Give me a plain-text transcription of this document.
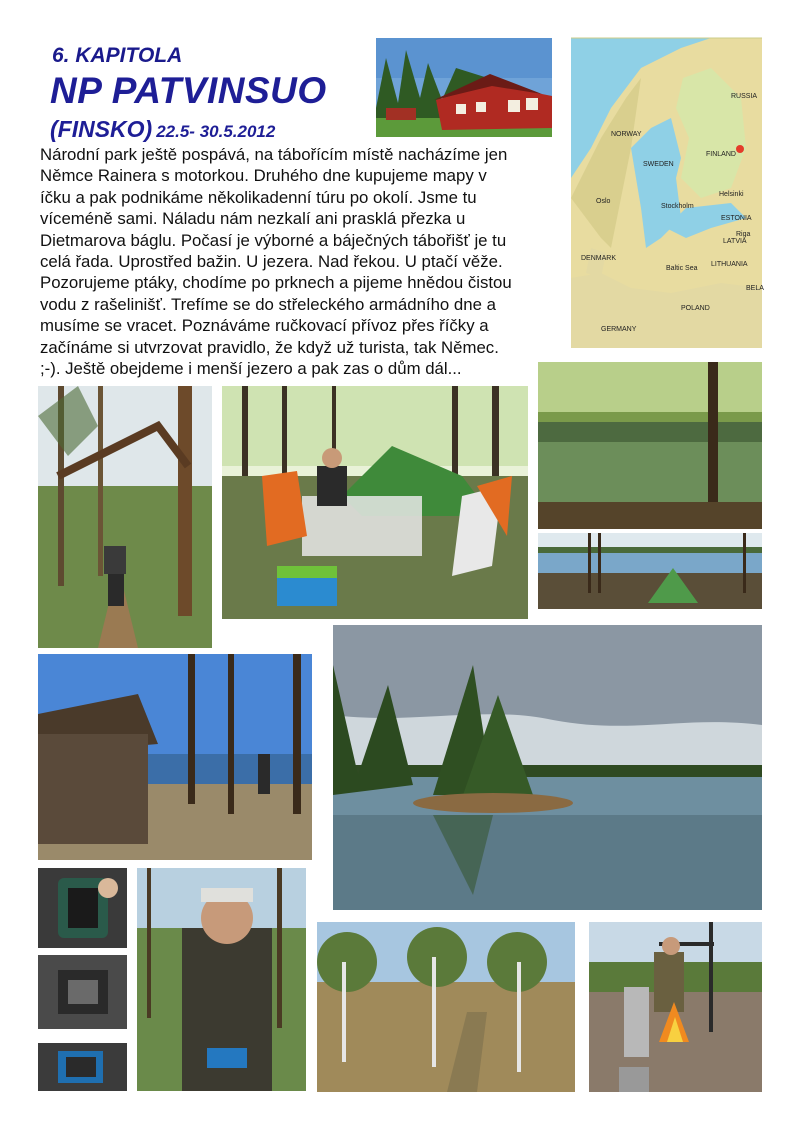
6. KAPITOLA
NP PATVINSUO
(FINSKO) 22.5- 30.5.2012

Národní park ještě pospává, na tábořícím místě nacházíme jen

Němce Rainera s motorkou. Druhého dne kupujeme mapy v

íčku a pak podnikáme několikadenní túru po okolí. Jsme tu

víceméně sami. Náladu nám nezkalí ani prasklá přezka u

Dietmarova báglu. Počasí je výborné a báječných tábořišť je tu

celá řada. Uprostřed bažin. U jezera. Nad řekou. U ptačí věže.

Pozorujeme ptáky, chodíme po prknech a pijeme hnědou čistou

vodu z rašelinišť. Trefíme se do střeleckého armádního dne a

musíme se vracet. Poznáváme ručkovací přívoz přes říčky a

začínáme si utvrzovat pravidlo, že když už turista, tak Němec.

;-). Ještě obejdeme i menší jezero a pak zas o dům dál...

NORWAY
SWEDEN
FINLAND
ESTONIA
LATVIA
LITHUANIA
DENMARK
POLAND
GERMANY
BELA
RUSSIA
Baltic Sea
Stockholm
Helsinki
Riga
Oslo
